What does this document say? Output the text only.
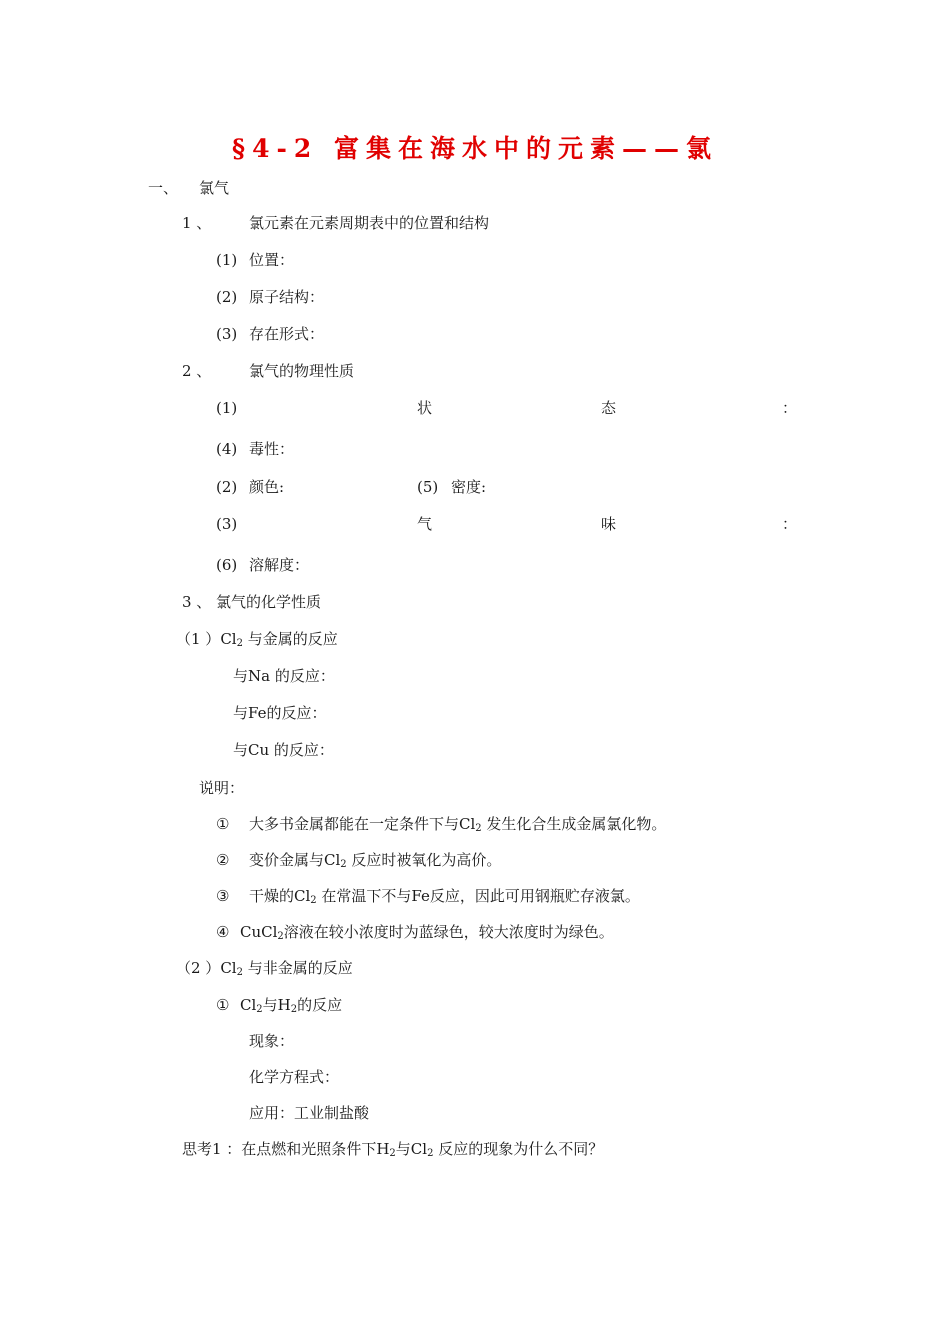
§4-2 富集在海水中的元素——氯
一、 氯气
1 、	氯元素在元素周期表中的位置和结构
(1) 位置：
(2) 原子结构：
(3) 存在形式：
2 、	氯气的物理性质
(1)	状	态	：
(4) 毒性：
(2) 颜色:	(5) 密度:
(3)	气	味	：
(6) 溶解度：
3 、 氯气的化学性质
（1 ）$Cl_2$ 与金属的反应
与Na 的反应：
与Fe的反应：
与Cu 的反应：
说明：
① 大多书金属都能在一定条件下与$Cl_2$ 发生化合生成金属氯化物。
② 变价金属与$Cl_2$ 反应时被氧化为高价。
③ 干燥的$Cl_2$ 在常温下不与Fe反应，因此可用钢瓶贮存液氯。
④ CuCl$_2$溶液在较小浓度时为蓝绿色，较大浓度时为绿色。
（2 ）$Cl_2$ 与非金属的反应
① $Cl_2$与$H_2$的反应
现象：
化学方程式：
应用：工业制盐酸
思考1 ：在点燃和光照条件下$H_2$与$Cl_2$ 反应的现象为什么不同？
